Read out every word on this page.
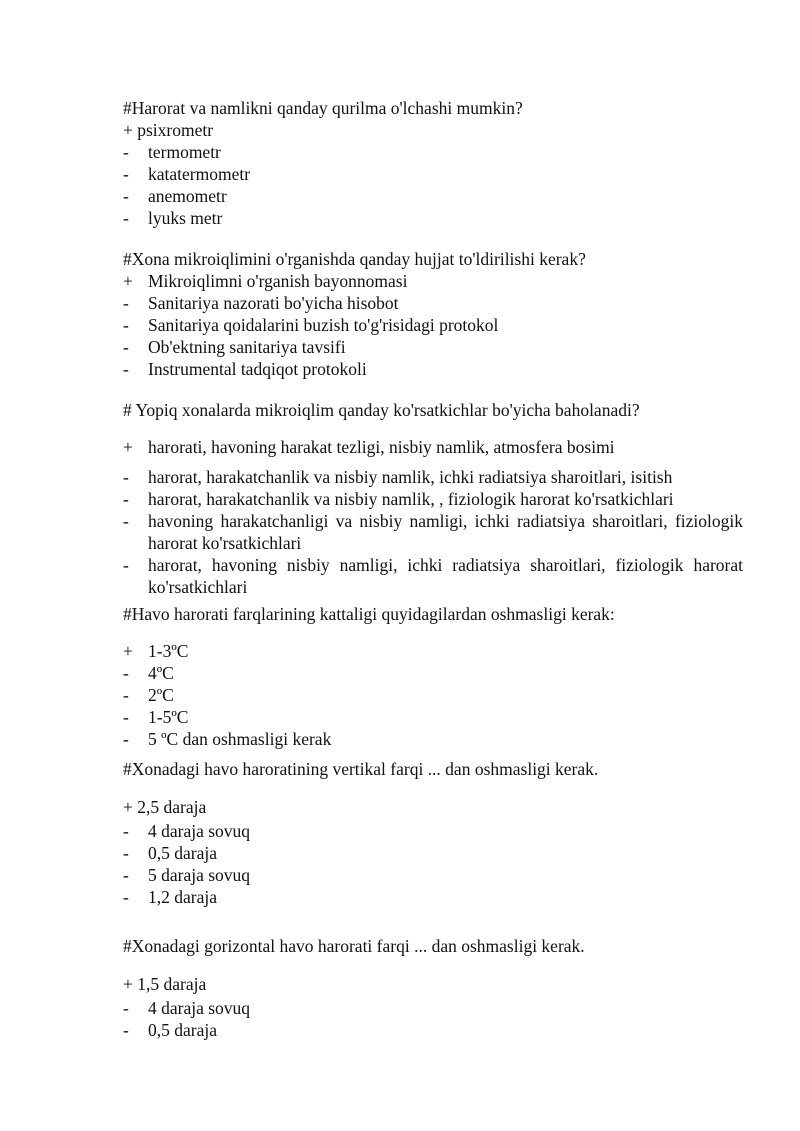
#Harorat va namlikni qanday qurilma o'lchashi mumkin?
+ psixrometr
-	termometr
-	katatermometr
-	anemometr
-	lyuks metr
#Xona mikroiqlimini o'rganishda qanday hujjat to'ldirilishi kerak?
+ Mikroiqlimni o'rganish bayonnomasi
-	Sanitariya nazorati bo'yicha hisobot
-	Sanitariya qoidalarini buzish to'g'risidagi protokol
-	Ob'ektning sanitariya tavsifi
-	Instrumental tadqiqot protokoli
# Yopiq xonalarda mikroiqlim qanday ko'rsatkichlar bo'yicha baholanadi?
+ harorati, havoning harakat tezligi, nisbiy namlik, atmosfera bosimi
-	harorat, harakatchanlik va nisbiy namlik, ichki radiatsiya sharoitlari, isitish
-	harorat, harakatchanlik va nisbiy namlik, , fiziologik harorat ko'rsatkichlari
-	havoning harakatchanligi va nisbiy namligi, ichki radiatsiya sharoitlari, fiziologik harorat ko'rsatkichlari
-	harorat, havoning nisbiy namligi, ichki radiatsiya sharoitlari, fiziologik harorat ko'rsatkichlari
#Havo harorati farqlarining kattaligi quyidagilardan oshmasligi kerak:
+ 1-3ºC
-	4ºC
-	2ºC
-	1-5ºC
-	5 ºC dan oshmasligi kerak
#Xonadagi havo haroratining vertikal farqi ... dan oshmasligi kerak.
+ 2,5 daraja
-	4 daraja sovuq
-	0,5 daraja
-	5 daraja sovuq
-	1,2 daraja
#Xonadagi gorizontal havo harorati farqi ... dan oshmasligi kerak.
+ 1,5 daraja
-	4 daraja sovuq
-	0,5 daraja
